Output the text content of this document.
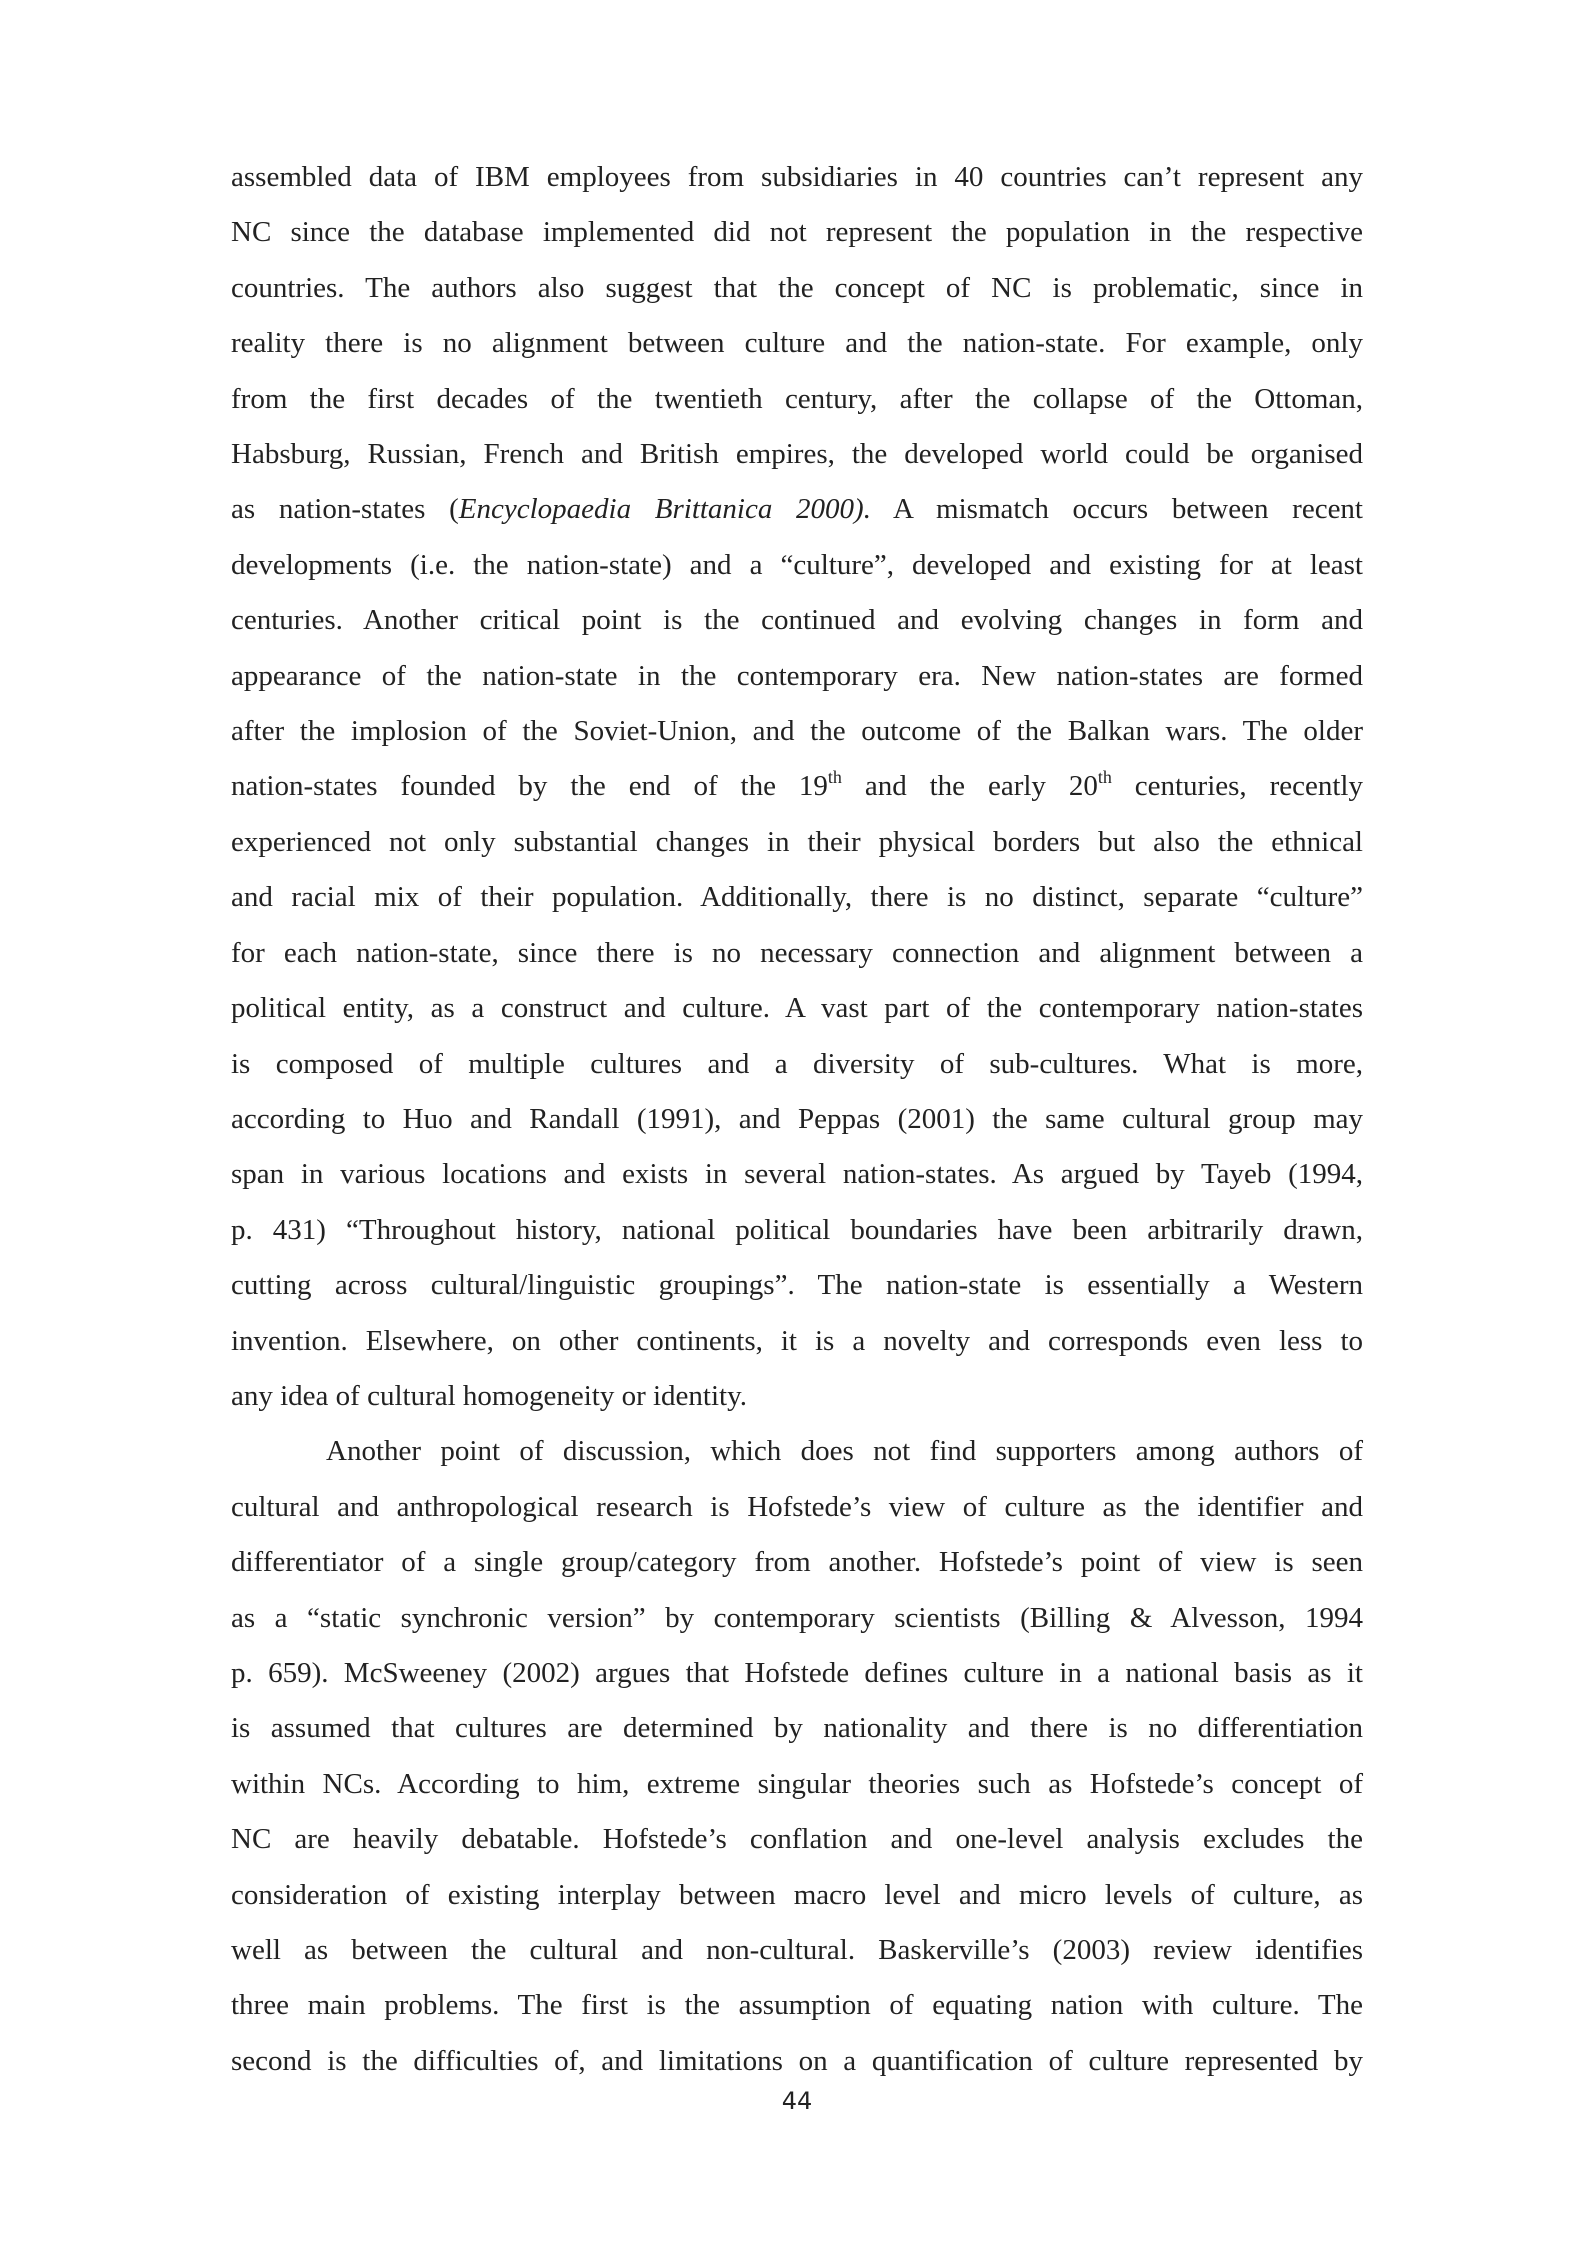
assembled data of IBM employees from subsidiaries in 40 countries can’t represent any
NC since the database implemented did not represent the population in the respective
countries. The authors also suggest that the concept of NC is problematic, since in
reality there is no alignment between culture and the nation-state. For example, only
from the first decades of the twentieth century, after the collapse of the Ottoman,
Habsburg, Russian, French and British empires, the developed world could be organised
as nation-states (Encyclopaedia Brittanica 2000). A mismatch occurs between recent
developments (i.e. the nation-state) and a “culture”, developed and existing for at least
centuries. Another critical point is the continued and evolving changes in form and
appearance of the nation-state in the contemporary era. New nation-states are formed
after the implosion of the Soviet-Union, and the outcome of the Balkan wars. The older
nation-states founded by the end of the 19th and the early 20th centuries, recently
experienced not only substantial changes in their physical borders but also the ethnical
and racial mix of their population. Additionally, there is no distinct, separate “culture”
for each nation-state, since there is no necessary connection and alignment between a
political entity, as a construct and culture. A vast part of the contemporary nation-states
is composed of multiple cultures and a diversity of sub-cultures. What is more,
according to Huo and Randall (1991), and Peppas (2001) the same cultural group may
span in various locations and exists in several nation-states. As argued by Tayeb (1994,
p. 431) “Throughout history, national political boundaries have been arbitrarily drawn,
cutting across cultural/linguistic groupings”. The nation-state is essentially a Western
invention. Elsewhere, on other continents, it is a novelty and corresponds even less to
any idea of cultural homogeneity or identity.
Another point of discussion, which does not find supporters among authors of
cultural and anthropological research is Hofstede’s view of culture as the identifier and
differentiator of a single group/category from another. Hofstede’s point of view is seen
as a “static synchronic version” by contemporary scientists (Billing & Alvesson, 1994
p. 659). McSweeney (2002) argues that Hofstede defines culture in a national basis as it
is assumed that cultures are determined by nationality and there is no differentiation
within NCs. According to him, extreme singular theories such as Hofstede’s concept of
NC are heavily debatable. Hofstede’s conflation and one-level analysis excludes the
consideration of existing interplay between macro level and micro levels of culture, as
well as between the cultural and non-cultural. Baskerville’s (2003) review identifies
three main problems. The first is the assumption of equating nation with culture. The
second is the difficulties of, and limitations on a quantification of culture represented by
44
